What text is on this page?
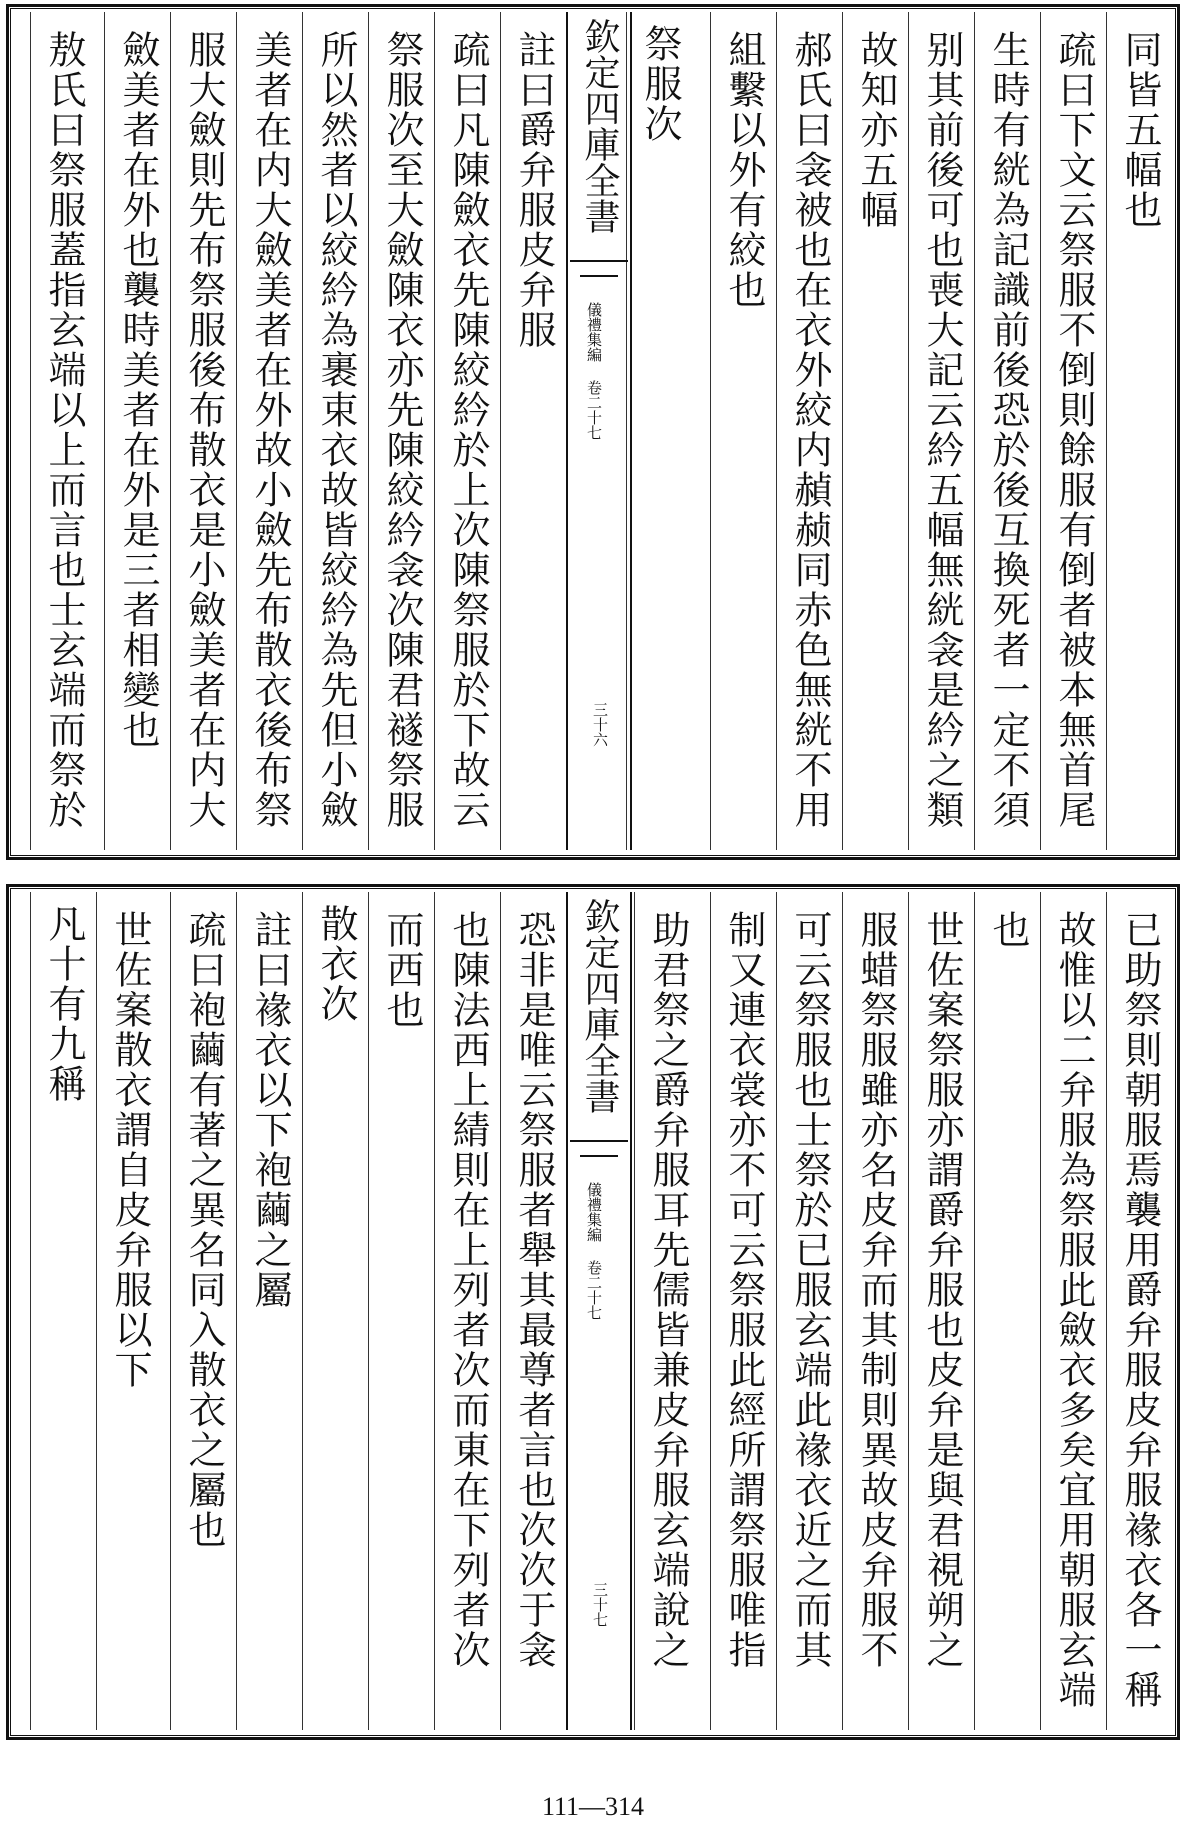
同皆五幅也
疏曰下文云祭服不倒則餘服有倒者被本無首尾
生時有絖為記識前後恐於後互換死者一定不須
别其前後可也喪大記云紟五幅無絖衾是紟之類
故知亦五幅
郝氏曰衾被也在衣外絞内赬赪同赤色無絖不用
組繫以外有絞也
祭服次
欽定四庫全書
儀禮集編 卷二十七
三十六
註曰爵弁服皮弁服
疏曰凡陳斂衣先陳絞紟於上次陳祭服於下故云
祭服次至大斂陳衣亦先陳絞紟衾次陳君襚祭服
所以然者以絞紟為裹束衣故皆絞紟為先但小斂
美者在内大斂美者在外故小斂先布散衣後布祭
服大斂則先布祭服後布散衣是小斂美者在内大
斂美者在外也襲時美者在外是三者相變也
敖氏曰祭服蓋指玄端以上而言也士玄端而祭於
已助祭則朝服焉襲用爵弁服皮弁服褖衣各一稱
故惟以二弁服為祭服此斂衣多矣宜用朝服玄端
也
世佐案祭服亦謂爵弁服也皮弁是與君視朔之
服蜡祭服雖亦名皮弁而其制則異故皮弁服不
可云祭服也士祭於已服玄端此褖衣近之而其
制又連衣裳亦不可云祭服此經所謂祭服唯指
助君祭之爵弁服耳先儒皆兼皮弁服玄端說之
欽定四庫全書
儀禮集編 卷二十七
三十七
恐非是唯云祭服者舉其最尊者言也次次于衾
也陳法西上綪則在上列者次而東在下列者次
而西也
散衣次
註曰褖衣以下袍繭之屬
疏曰袍繭有著之異名同入散衣之屬也
世佐案散衣謂自皮弁服以下
凡十有九稱
111—314
